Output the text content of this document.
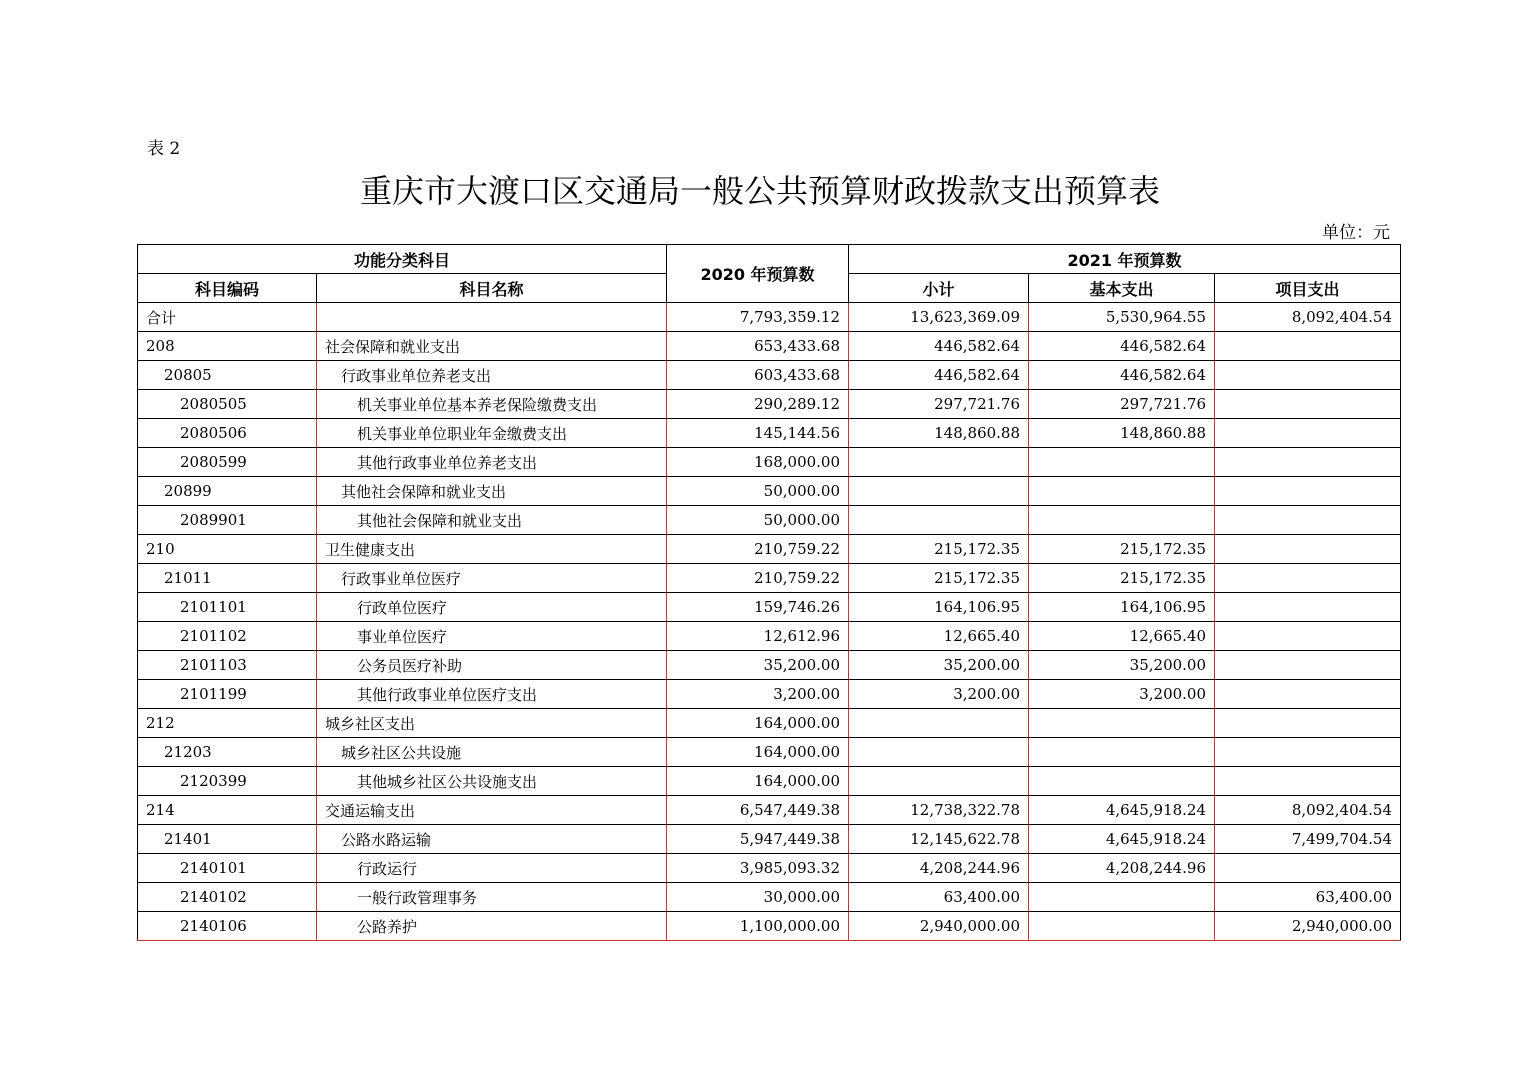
表 2
重庆市大渡口区交通局一般公共预算财政拨款支出预算表
单位：元
功能分类科目		2020 年预算数	2021 年预算数		
科目编码	科目名称		小计	基本支出	项目支出
合计		7,793,359.12	13,623,369.09	5,530,964.55	8,092,404.54
208	社会保障和就业支出	653,433.68	446,582.64	446,582.64	
20805	行政事业单位养老支出	603,433.68	446,582.64	446,582.64	
2080505	机关事业单位基本养老保险缴费支出	290,289.12	297,721.76	297,721.76	
2080506	机关事业单位职业年金缴费支出	145,144.56	148,860.88	148,860.88	
2080599	其他行政事业单位养老支出	168,000.00			
20899	其他社会保障和就业支出	50,000.00			
2089901	其他社会保障和就业支出	50,000.00			
210	卫生健康支出	210,759.22	215,172.35	215,172.35	
21011	行政事业单位医疗	210,759.22	215,172.35	215,172.35	
2101101	行政单位医疗	159,746.26	164,106.95	164,106.95	
2101102	事业单位医疗	12,612.96	12,665.40	12,665.40	
2101103	公务员医疗补助	35,200.00	35,200.00	35,200.00	
2101199	其他行政事业单位医疗支出	3,200.00	3,200.00	3,200.00	
212	城乡社区支出	164,000.00			
21203	城乡社区公共设施	164,000.00			
2120399	其他城乡社区公共设施支出	164,000.00			
214	交通运输支出	6,547,449.38	12,738,322.78	4,645,918.24	8,092,404.54
21401	公路水路运输	5,947,449.38	12,145,622.78	4,645,918.24	7,499,704.54
2140101	行政运行	3,985,093.32	4,208,244.96	4,208,244.96	
2140102	一般行政管理事务	30,000.00	63,400.00		63,400.00
2140106	公路养护	1,100,000.00	2,940,000.00		2,940,000.00
